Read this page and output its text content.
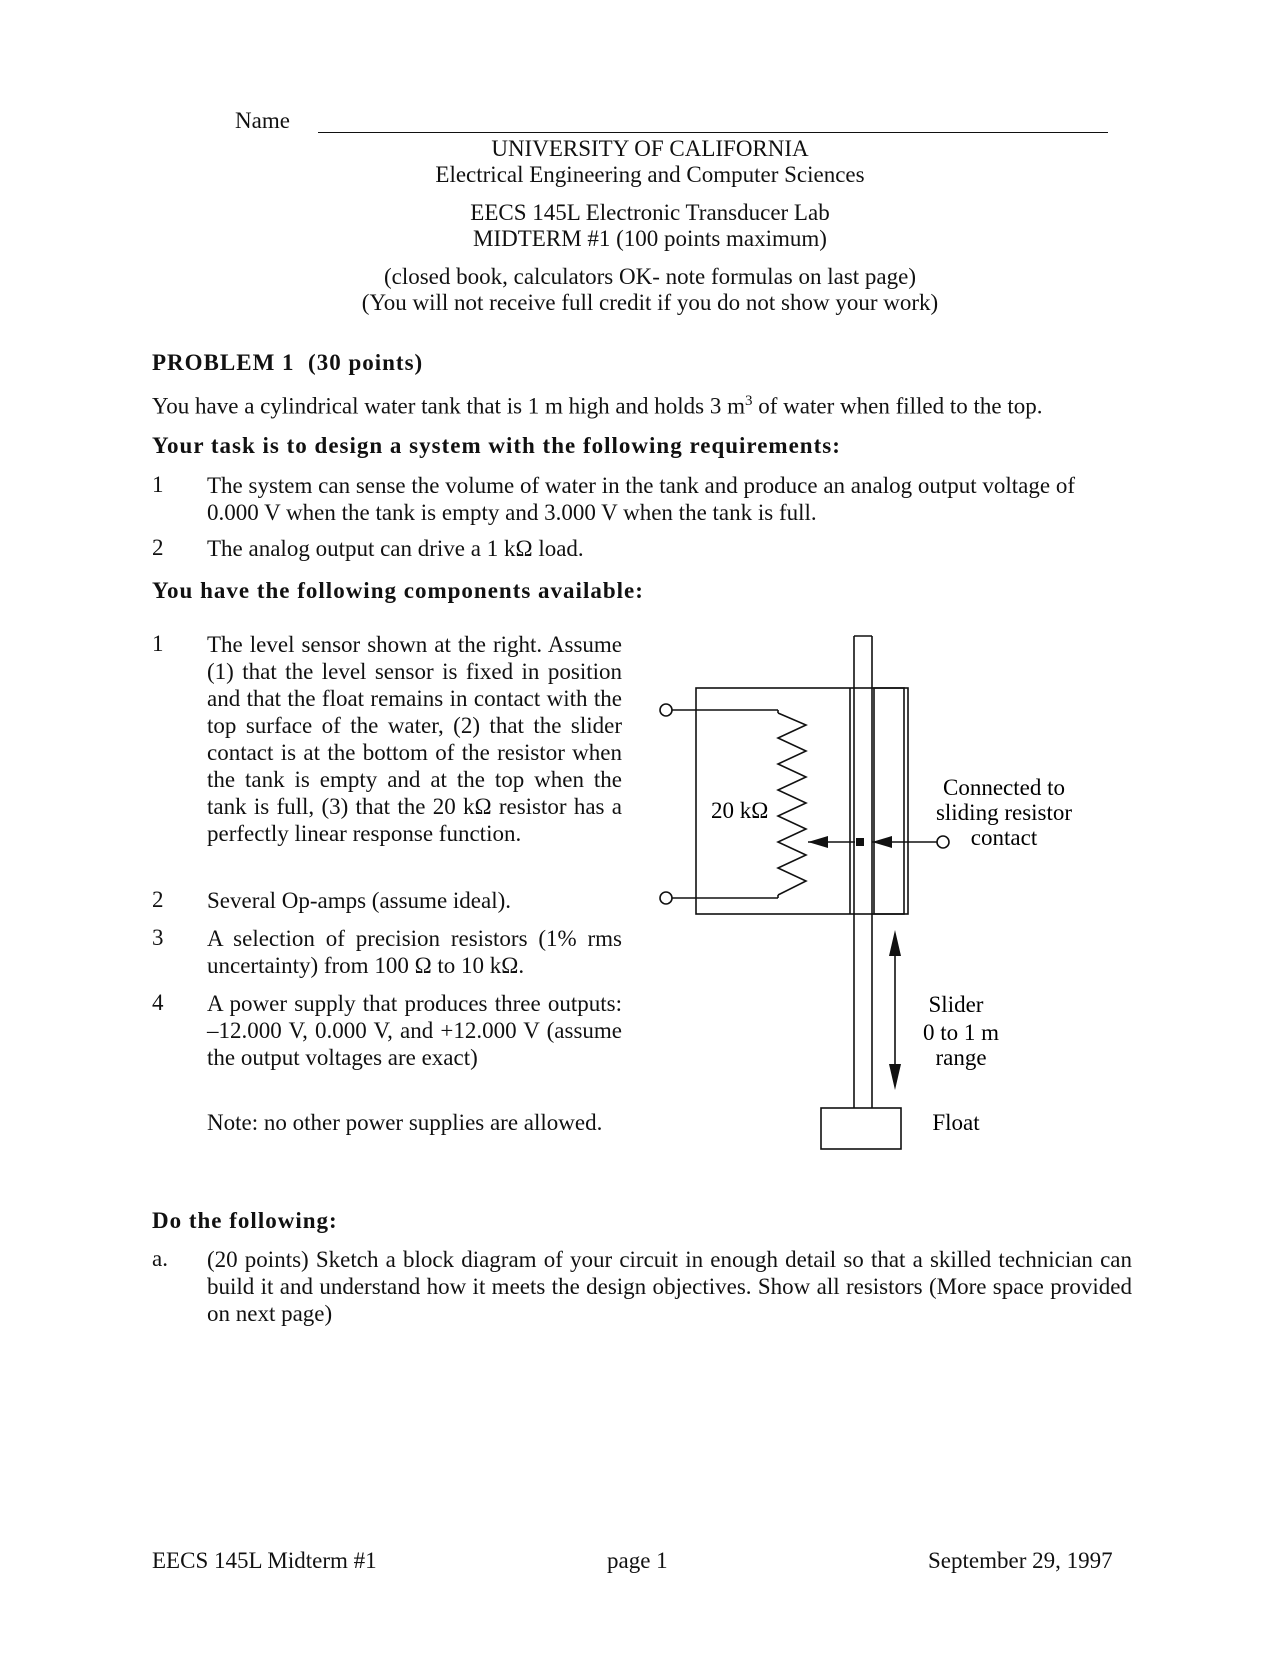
Name
UNIVERSITY OF CALIFORNIA
Electrical Engineering and Computer Sciences
EECS 145L Electronic Transducer Lab
MIDTERM #1 (100 points maximum)
(closed book, calculators OK- note formulas on last page)
(You will not receive full credit if you do not show your work)
PROBLEM 1  (30 points)
You have a cylindrical water tank that is 1 m high and holds 3 $m^3$ of water when filled to the top.
Your task is to design a system with the following requirements:
1 The system can sense the volume of water in the tank and produce an analog output voltage of 0.000 V when the tank is empty and 3.000 V when the tank is full.
2 The analog output can drive a 1 kΩ load.
You have the following components available:
1 The level sensor shown at the right. Assume (1) that the level sensor is fixed in position and that the float remains in contact with the top surface of the water, (2) that the slider contact is at the bottom of the resistor when the tank is empty and at the top when the tank is full, (3) that the 20 kΩ resistor has a perfectly linear response function.
2 Several Op-amps (assume ideal).
3 A selection of precision resistors (1% rms uncertainty) from 100 Ω to 10 kΩ.
4 A power supply that produces three outputs: –12.000 V, 0.000 V, and +12.000 V (assume the output voltages are exact)
Note: no other power supplies are allowed.
20 kΩ
Connected to
sliding resistor
contact
Slider
0 to 1 m
range
Float
Do the following:
a. (20 points) Sketch a block diagram of your circuit in enough detail so that a skilled technician can build it and understand how it meets the design objectives. Show all resistors (More space provided on next page)
EECS 145L Midterm #1	page 1	September 29, 1997
